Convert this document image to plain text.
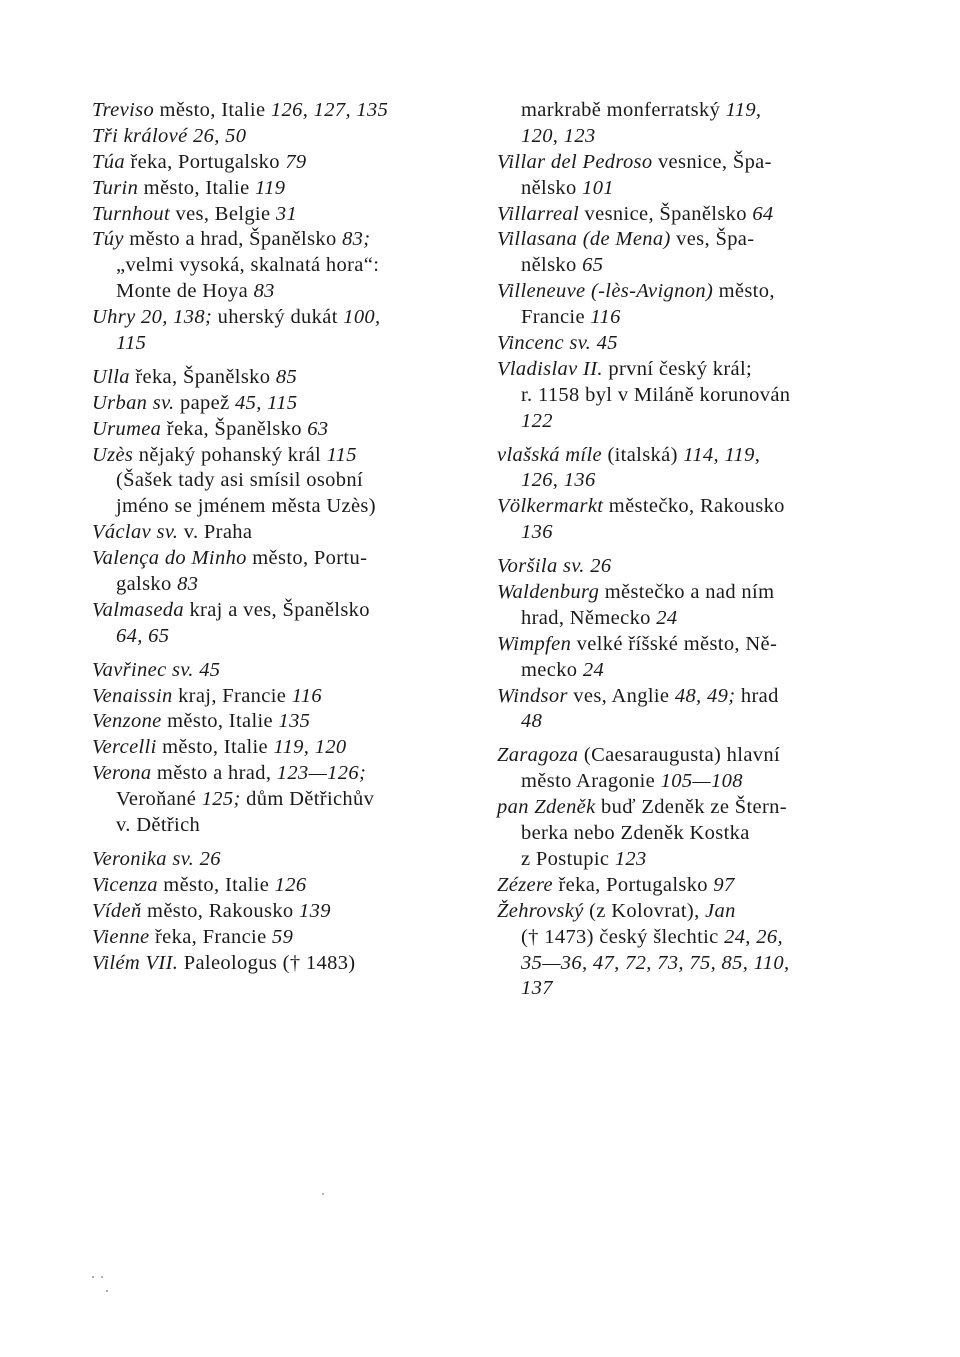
Treviso město, Italie 126, 127, 135
Tři králové 26, 50
Túa řeka, Portugalsko 79
Turin město, Italie 119
Turnhout ves, Belgie 31
Túy město a hrad, Španělsko 83;
„velmi vysoká, skalnatá hora“:
Monte de Hoya 83
Uhry 20, 138; uherský dukát 100,
115
Ulla řeka, Španělsko 85
Urban sv. papež 45, 115
Urumea řeka, Španělsko 63
Uzès nějaký pohanský král 115
(Šašek tady asi smísil osobní
jméno se jménem města Uzès)
Václav sv. v. Praha
Valença do Minho město, Portu-
galsko 83
Valmaseda kraj a ves, Španělsko
64, 65
Vavřinec sv. 45
Venaissin kraj, Francie 116
Venzone město, Italie 135
Vercelli město, Italie 119, 120
Verona město a hrad, 123—126;
Veroňané 125; dům Dětřichův
v. Dětřich
Veronika sv. 26
Vicenza město, Italie 126
Vídeň město, Rakousko 139
Vienne řeka, Francie 59
Vilém VII. Paleologus († 1483)
markrabě monferratský 119,
120, 123
Villar del Pedroso vesnice, Špa-
nělsko 101
Villarreal vesnice, Španělsko 64
Villasana (de Mena) ves, Špa-
nělsko 65
Villeneuve (-lès-Avignon) město,
Francie 116
Vincenc sv. 45
Vladislav II. první český král;
r. 1158 byl v Miláně korunován
122
vlašská míle (italská) 114, 119,
126, 136
Völkermarkt městečko, Rakousko
136
Voršila sv. 26
Waldenburg městečko a nad ním
hrad, Německo 24
Wimpfen velké říšské město, Ně-
mecko 24
Windsor ves, Anglie 48, 49; hrad
48
Zaragoza (Caesaraugusta) hlavní
město Aragonie 105—108
pan Zdeněk buď Zdeněk ze Štern-
berka nebo Zdeněk Kostka
z Postupic 123
Zézere řeka, Portugalsko 97
Žehrovský (z Kolovrat), Jan
(† 1473) český šlechtic 24, 26,
35—36, 47, 72, 73, 75, 85, 110,
137
